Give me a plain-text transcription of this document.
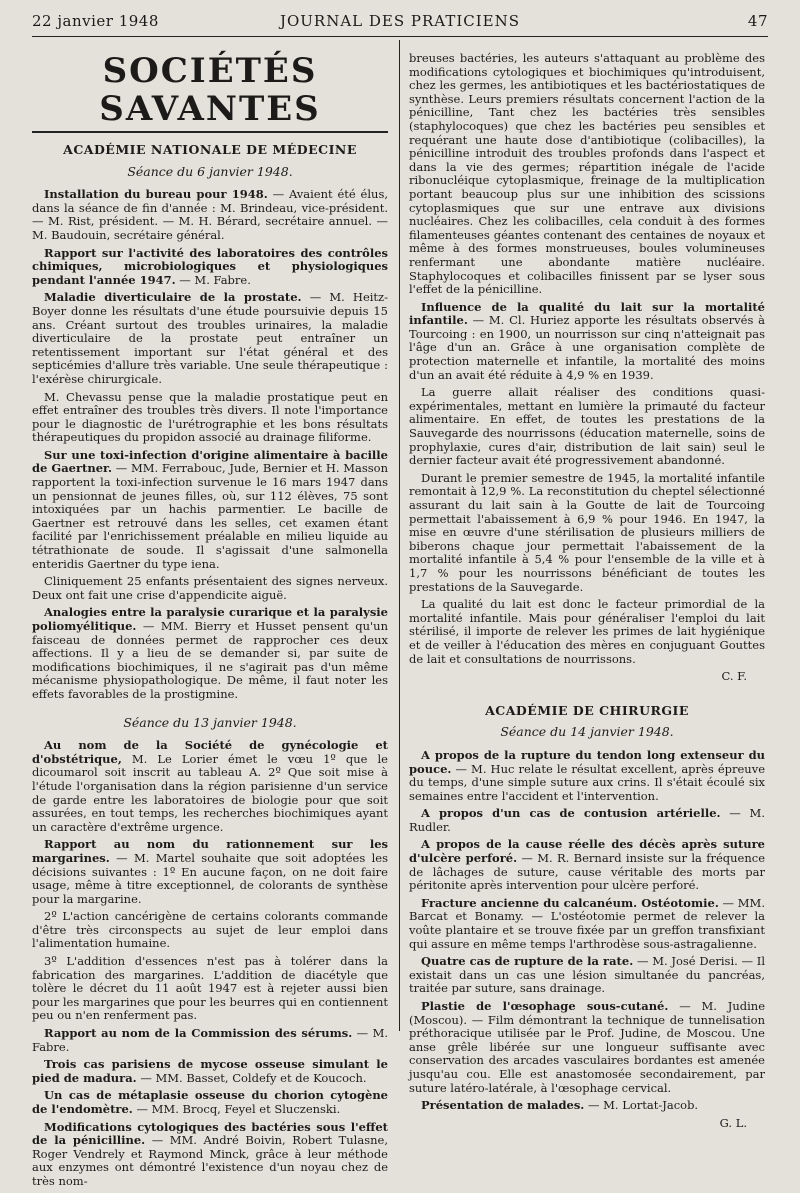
22 janvier 1948	JOURNAL DES PRATICIENS	47
SOCIÉTÉS SAVANTES
ACADÉMIE NATIONALE DE MÉDECINE
Séance du 6 janvier 1948.

Installation du bureau pour 1948. — Avaient été élus, dans la séance de fin d'année : M. Brindeau, vice-président. — M. Rist, président. — M. H. Bérard, secrétaire annuel. — M. Baudouin, secrétaire général.

Rapport sur l'activité des laboratoires des contrôles chimiques, microbiologiques et physiologiques pendant l'année 1947. — M. Fabre.

Maladie diverticulaire de la prostate. — M. Heitz-Boyer donne les résultats d'une étude poursuivie depuis 15 ans. Créant surtout des troubles urinaires, la maladie diverticulaire de la prostate peut entraîner un retentissement important sur l'état général et des septicémies d'allure très variable. Une seule thérapeutique : l'exérèse chirurgicale.

M. Chevassu pense que la maladie prostatique peut en effet entraîner des troubles très divers. Il note l'importance pour le diagnostic de l'urétrographie et les bons résultats thérapeutiques du propidon associé au drainage filiforme.

Sur une toxi-infection d'origine alimentaire à bacille de Gaertner. — MM. Ferrabouc, Jude, Bernier et H. Masson rapportent la toxi-infection survenue le 16 mars 1947 dans un pensionnat de jeunes filles, où, sur 112 élèves, 75 sont intoxiquées par un hachis parmentier. Le bacille de Gaertner est retrouvé dans les selles, cet examen étant facilité par l'enrichissement préalable en milieu liquide au tétrathionate de soude. Il s'agissait d'une salmonella enteridis Gaertner du type iena.

Cliniquement 25 enfants présentaient des signes nerveux. Deux ont fait une crise d'appendicite aiguë.

Analogies entre la paralysie curarique et la paralysie poliomyélitique. — MM. Bierry et Husset pensent qu'un faisceau de données permet de rapprocher ces deux affections. Il y a lieu de se demander si, par suite de modifications biochimiques, il ne s'agirait pas d'un même mécanisme physiopathologique. De même, il faut noter les effets favorables de la prostigmine.

Séance du 13 janvier 1948.

Au nom de la Société de gynécologie et d'obstétrique, M. Le Lorier émet le vœu 1º que le dicoumarol soit inscrit au tableau A. 2º Que soit mise à l'étude l'organisation dans la région parisienne d'un service de garde entre les laboratoires de biologie pour que soit assurées, en tout temps, les recherches biochimiques ayant un caractère d'extrême urgence.

Rapport au nom du rationnement sur les margarines. — M. Martel souhaite que soit adoptées les décisions suivantes : 1º En aucune façon, on ne doit faire usage, même à titre exceptionnel, de colorants de synthèse pour la margarine.

2º L'action cancérigène de certains colorants commande d'être très circonspects au sujet de leur emploi dans l'alimentation humaine.

3º L'addition d'essences n'est pas à tolérer dans la fabrication des margarines. L'addition de diacétyle que tolère le décret du 11 août 1947 est à rejeter aussi bien pour les margarines que pour les beurres qui en contiennent peu ou n'en renferment pas.

Rapport au nom de la Commission des sérums. — M. Fabre.

Trois cas parisiens de mycose osseuse simulant le pied de madura. — MM. Basset, Coldefy et de Koucoch.

Un cas de métaplasie osseuse du chorion cytogène de l'endomètre. — MM. Brocq, Feyel et Sluczenski.

Modifications cytologiques des bactéries sous l'effet de la pénicilline. — MM. André Boivin, Robert Tulasne, Roger Vendrely et Raymond Minck, grâce à leur méthode aux enzymes ont démontré l'existence d'un noyau chez de très nom-

breuses bactéries, les auteurs s'attaquant au problème des modifications cytologiques et biochimiques qu'introduisent, chez les germes, les antibiotiques et les bactériostatiques de synthèse. Leurs premiers résultats concernent l'action de la pénicilline, Tant chez les bactéries très sensibles (staphylocoques) que chez les bactéries peu sensibles et requérant une haute dose d'antibiotique (colibacilles), la pénicilline introduit des troubles profonds dans l'aspect et dans la vie des germes; répartition inégale de l'acide ribonucléique cytoplasmique, freinage de la multiplication portant beaucoup plus sur une inhibition des scissions cytoplasmiques que sur une entrave aux divisions nucléaires. Chez les colibacilles, cela conduit à des formes filamenteuses géantes contenant des centaines de noyaux et même à des formes monstrueuses, boules volumineuses renfermant une abondante matière nucléaire. Staphylocoques et colibacilles finissent par se lyser sous l'effet de la pénicilline.

Influence de la qualité du lait sur la mortalité infantile. — M. Cl. Huriez apporte les résultats observés à Tourcoing : en 1900, un nourrisson sur cinq n'atteignait pas l'âge d'un an. Grâce à une organisation complète de protection maternelle et infantile, la mortalité des moins d'un an avait été réduite à 4,9 % en 1939.

La guerre allait réaliser des conditions quasi-expérimentales, mettant en lumière la primauté du facteur alimentaire. En effet, de toutes les prestations de la Sauvegarde des nourrissons (éducation maternelle, soins de prophylaxie, cures d'air, distribution de lait sain) seul le dernier facteur avait été progressivement abandonné.

Durant le premier semestre de 1945, la mortalité infantile remontait à 12,9 %. La reconstitution du cheptel sélectionné assurant du lait sain à la Goutte de lait de Tourcoing permettait l'abaissement à 6,9 % pour 1946. En 1947, la mise en œuvre d'une stérilisation de plusieurs milliers de biberons chaque jour permettait l'abaissement de la mortalité infantile à 5,4 % pour l'ensemble de la ville et à 1,7 % pour les nourrissons bénéficiant de toutes les prestations de la Sauvegarde.

La qualité du lait est donc le facteur primordial de la mortalité infantile. Mais pour généraliser l'emploi du lait stérilisé, il importe de relever les primes de lait hygiénique et de veiller à l'éducation des mères en conjuguant Gouttes de lait et consultations de nourrissons.

C. F.
ACADÉMIE DE CHIRURGIE
Séance du 14 janvier 1948.

A propos de la rupture du tendon long extenseur du pouce. — M. Huc relate le résultat excellent, après épreuve du temps, d'une simple suture aux crins. Il s'était écoulé six semaines entre l'accident et l'intervention.

A propos d'un cas de contusion artérielle. — M. Rudler.

A propos de la cause réelle des décès après suture d'ulcère perforé. — M. R. Bernard insiste sur la fréquence de lâchages de suture, cause véritable des morts par péritonite après intervention pour ulcère perforé.

Fracture ancienne du calcanéum. Ostéotomie. — MM. Barcat et Bonamy. — L'ostéotomie permet de relever la voûte plantaire et se trouve fixée par un greffon transfixiant qui assure en même temps l'arthrodèse sous-astragalienne.

Quatre cas de rupture de la rate. — M. José Derisi. — Il existait dans un cas une lésion simultanée du pancréas, traitée par suture, sans drainage.

Plastie de l'œsophage sous-cutané. — M. Judine (Moscou). — Film démontrant la technique de tunnelisation préthoracique utilisée par le Prof. Judine, de Moscou. Une anse grêle libérée sur une longueur suffisante avec conservation des arcades vasculaires bordantes est amenée jusqu'au cou. Elle est anastomosée secondairement, par suture latéro-latérale, à l'œsophage cervical.

Présentation de malades. — M. Lortat-Jacob.

G. L.
